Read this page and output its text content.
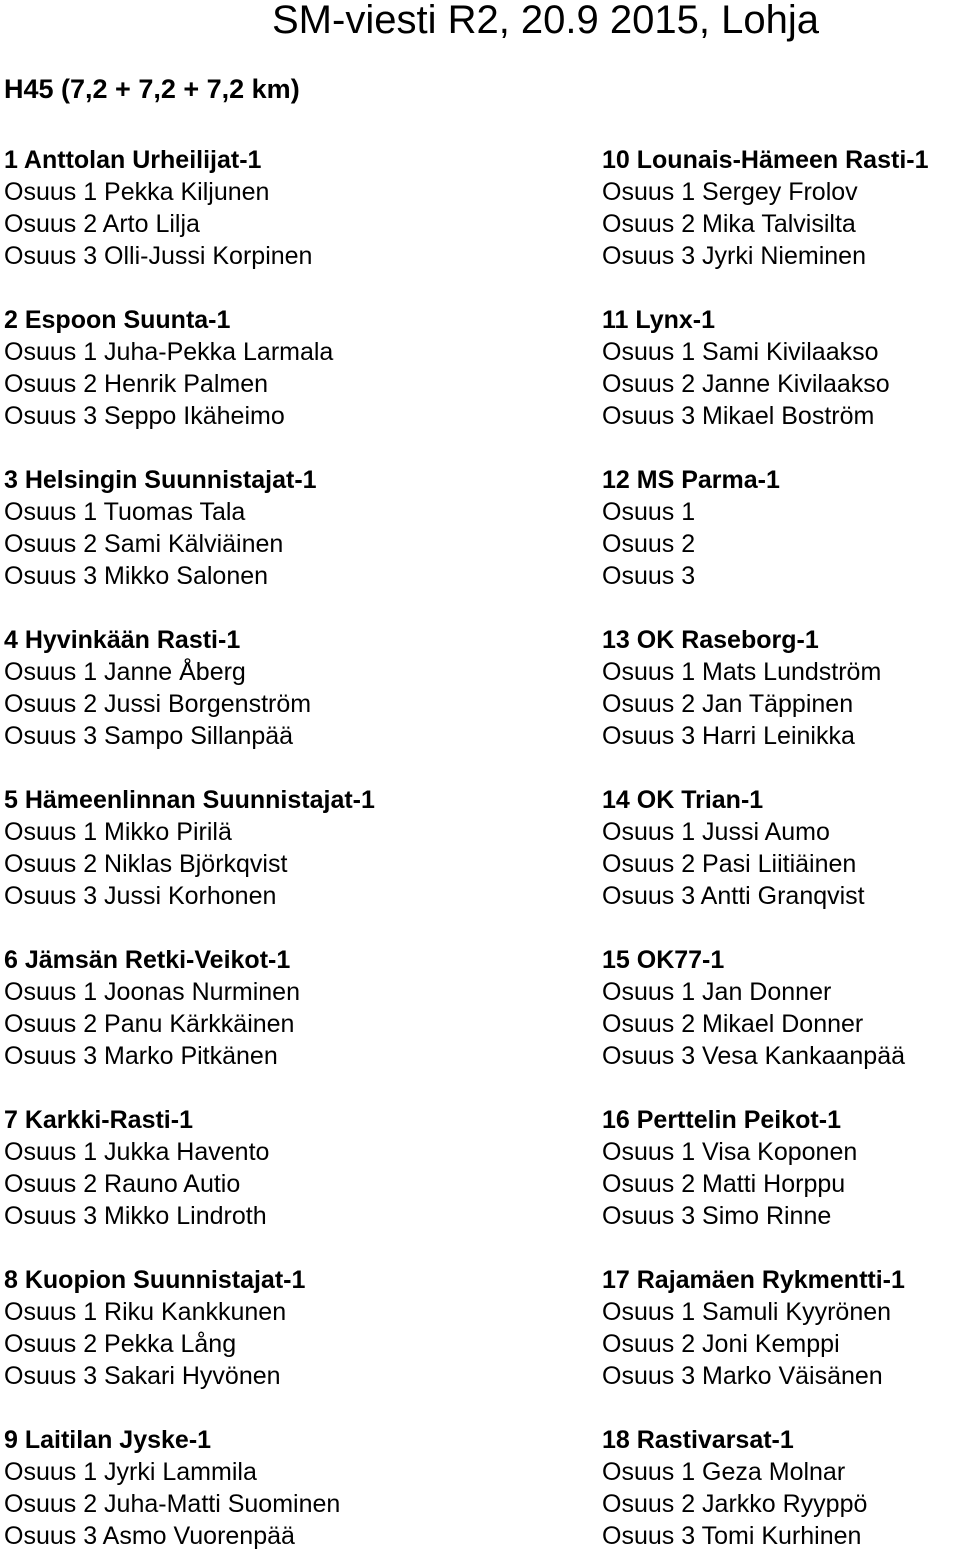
SM-viesti R2, 20.9 2015, Lohja
H45 (7,2 + 7,2 + 7,2 km)
1 Anttolan Urheilijat-1
Osuus 1 Pekka Kiljunen
Osuus 2 Arto Lilja
Osuus 3 Olli-Jussi Korpinen
2 Espoon Suunta-1
Osuus 1 Juha-Pekka Larmala
Osuus 2 Henrik Palmen
Osuus 3 Seppo Ikäheimo
3 Helsingin Suunnistajat-1
Osuus 1 Tuomas Tala
Osuus 2 Sami Kälviäinen
Osuus 3 Mikko Salonen
4 Hyvinkään Rasti-1
Osuus 1 Janne Åberg
Osuus 2 Jussi Borgenström
Osuus 3 Sampo Sillanpää
5 Hämeenlinnan Suunnistajat-1
Osuus 1 Mikko Pirilä
Osuus 2 Niklas Björkqvist
Osuus 3 Jussi Korhonen
6 Jämsän Retki-Veikot-1
Osuus 1 Joonas Nurminen
Osuus 2 Panu Kärkkäinen
Osuus 3 Marko Pitkänen
7 Karkki-Rasti-1
Osuus 1 Jukka Havento
Osuus 2 Rauno Autio
Osuus 3 Mikko Lindroth
8 Kuopion Suunnistajat-1
Osuus 1 Riku Kankkunen
Osuus 2 Pekka Lång
Osuus 3 Sakari Hyvönen
9 Laitilan Jyske-1
Osuus 1 Jyrki Lammila
Osuus 2 Juha-Matti Suominen
Osuus 3 Asmo Vuorenpää
10 Lounais-Hämeen Rasti-1
Osuus 1 Sergey Frolov
Osuus 2 Mika Talvisilta
Osuus 3 Jyrki Nieminen
11 Lynx-1
Osuus 1 Sami Kivilaakso
Osuus 2 Janne Kivilaakso
Osuus 3 Mikael Boström
12 MS Parma-1
Osuus 1
Osuus 2
Osuus 3
13 OK Raseborg-1
Osuus 1 Mats Lundström
Osuus 2 Jan Täppinen
Osuus 3 Harri Leinikka
14 OK Trian-1
Osuus 1 Jussi Aumo
Osuus 2 Pasi Liitiäinen
Osuus 3 Antti Granqvist
15 OK77-1
Osuus 1 Jan Donner
Osuus 2 Mikael Donner
Osuus 3 Vesa Kankaanpää
16 Perttelin Peikot-1
Osuus 1 Visa Koponen
Osuus 2 Matti Horppu
Osuus 3 Simo Rinne
17 Rajamäen Rykmentti-1
Osuus 1 Samuli Kyyrönen
Osuus 2 Joni Kemppi
Osuus 3 Marko Väisänen
18 Rastivarsat-1
Osuus 1 Geza Molnar
Osuus 2 Jarkko Ryyppö
Osuus 3 Tomi Kurhinen
